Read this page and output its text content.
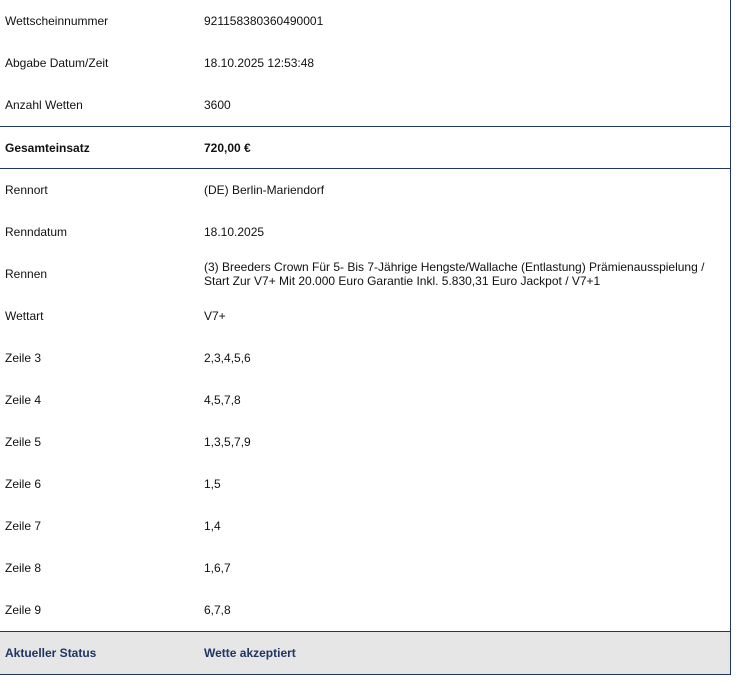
Wettscheinnummer	921158380360490001
Abgabe Datum/Zeit	18.10.2025 12:53:48
Anzahl Wetten	3600
Gesamteinsatz	720,00 €
Rennort	(DE) Berlin-Mariendorf
Renndatum	18.10.2025
Rennen	(3) Breeders Crown Für 5- Bis 7-Jährige Hengste/Wallache (Entlastung) Prämienausspielung / Start Zur V7+ Mit 20.000 Euro Garantie Inkl. 5.830,31 Euro Jackpot / V7+1
Wettart	V7+
Zeile 3	2,3,4,5,6
Zeile 4	4,5,7,8
Zeile 5	1,3,5,7,9
Zeile 6	1,5
Zeile 7	1,4
Zeile 8	1,6,7
Zeile 9	6,7,8
Aktueller Status	Wette akzeptiert
